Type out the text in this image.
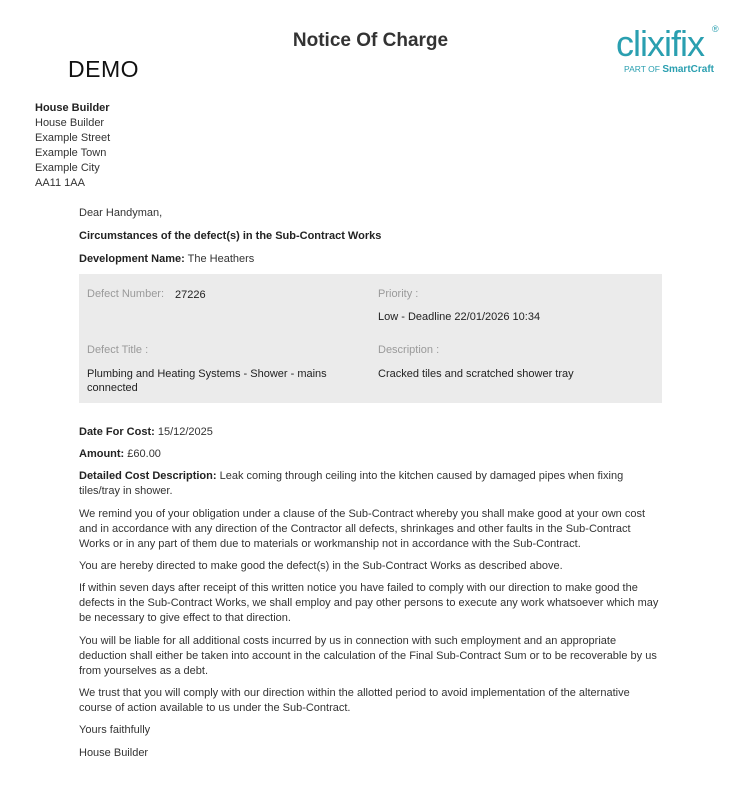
Notice Of Charge
DEMO
clixifix ®
PART OF SmartCraft
House Builder
House Builder
Example Street
Example Town
Example City
AA11 1AA
Dear Handyman,
Circumstances of the defect(s) in the Sub-Contract Works
Development Name: The Heathers
Defect Number: 27226	Priority :
Low - Deadline 22/01/2026 10:34
Defect Title :
Plumbing and Heating Systems - Shower - mains connected
Description :
Cracked tiles and scratched shower tray
Date For Cost: 15/12/2025
Amount: £60.00
Detailed Cost Description: Leak coming through ceiling into the kitchen caused by damaged pipes when fixing tiles/tray in shower.

We remind you of your obligation under a clause of the Sub-Contract whereby you shall make good at your own cost and in accordance with any direction of the Contractor all defects, shrinkages and other faults in the Sub-Contract Works or in any part of them due to materials or workmanship not in accordance with the Sub-Contract.

You are hereby directed to make good the defect(s) in the Sub-Contract Works as described above.

If within seven days after receipt of this written notice you have failed to comply with our direction to make good the defects in the Sub-Contract Works, we shall employ and pay other persons to execute any work whatsoever which may be necessary to give effect to that direction.

You will be liable for all additional costs incurred by us in connection with such employment and an appropriate deduction shall either be taken into account in the calculation of the Final Sub-Contract Sum or to be recoverable by us from yourselves as a debt.

We trust that you will comply with our direction within the allotted period to avoid implementation of the alternative course of action available to us under the Sub-Contract.

Yours faithfully
House Builder
